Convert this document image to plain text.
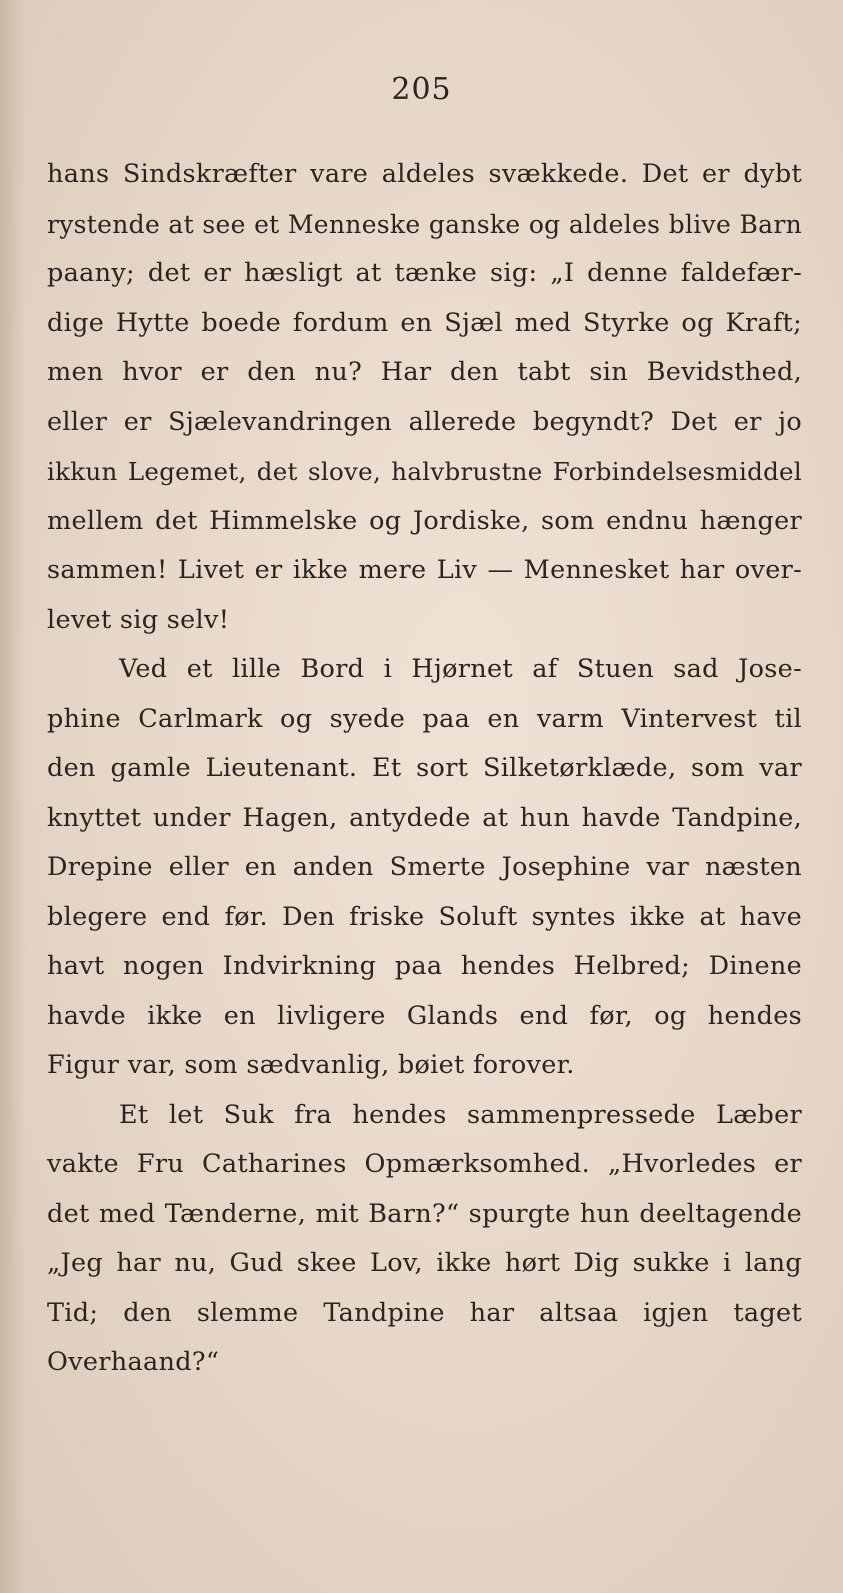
205
hans Sindskræfter vare aldeles svækkede. Det er dybt
rystende at see et Menneske ganske og aldeles blive Barn
paany; det er hæsligt at tænke sig: „I denne faldefær-
dige Hytte boede fordum en Sjæl med Styrke og Kraft;
men hvor er den nu? Har den tabt sin Bevidsthed,
eller er Sjælevandringen allerede begyndt? Det er jo
ikkun Legemet, det slove, halvbrustne Forbindelsesmiddel
mellem det Himmelske og Jordiske, som endnu hænger
sammen! Livet er ikke mere Liv — Mennesket har over-
levet sig selv!
Ved et lille Bord i Hjørnet af Stuen sad Jose-
phine Carlmark og syede paa en varm Vintervest til
den gamle Lieutenant. Et sort Silketørklæde, som var
knyttet under Hagen, antydede at hun havde Tandpine,
Drepine eller en anden Smerte Josephine var næsten
blegere end før. Den friske Soluft syntes ikke at have
havt nogen Indvirkning paa hendes Helbred; Dinene
havde ikke en livligere Glands end før, og hendes
Figur var, som sædvanlig, bøiet forover.
Et let Suk fra hendes sammenpressede Læber
vakte Fru Catharines Opmærksomhed. „Hvorledes er
det med Tænderne, mit Barn?“ spurgte hun deeltagende
„Jeg har nu, Gud skee Lov, ikke hørt Dig sukke i lang
Tid; den slemme Tandpine har altsaa igjen taget
Overhaand?“
